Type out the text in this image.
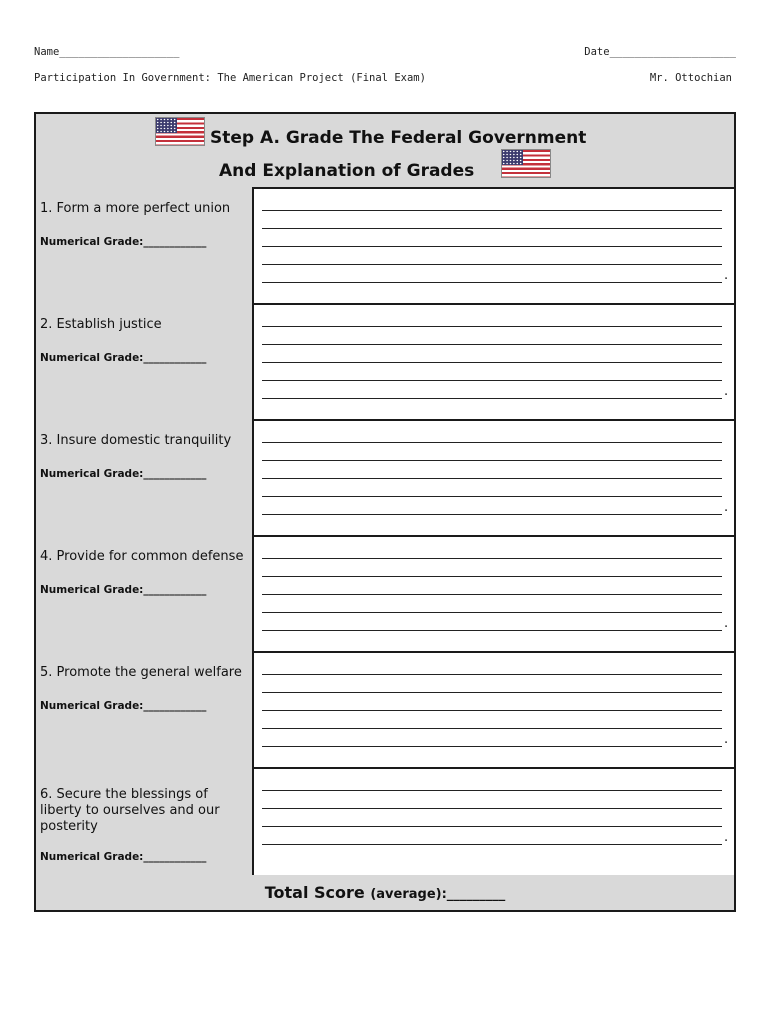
Name___________________	Date____________________
Participation In Government: The American Project (Final Exam)	Mr. Ottochian
Step A. Grade The Federal Government
And Explanation of Grades
1. Form a more perfect union
Numerical Grade:____________
.
2. Establish justice
Numerical Grade:____________
.
3. Insure domestic tranquility
Numerical Grade:____________
.
4. Provide for common defense
Numerical Grade:____________
.
5. Promote the general welfare
Numerical Grade:____________
.
6. Secure the blessings of liberty to ourselves and our posterity
Numerical Grade:____________
.
Total Score (average):_________
